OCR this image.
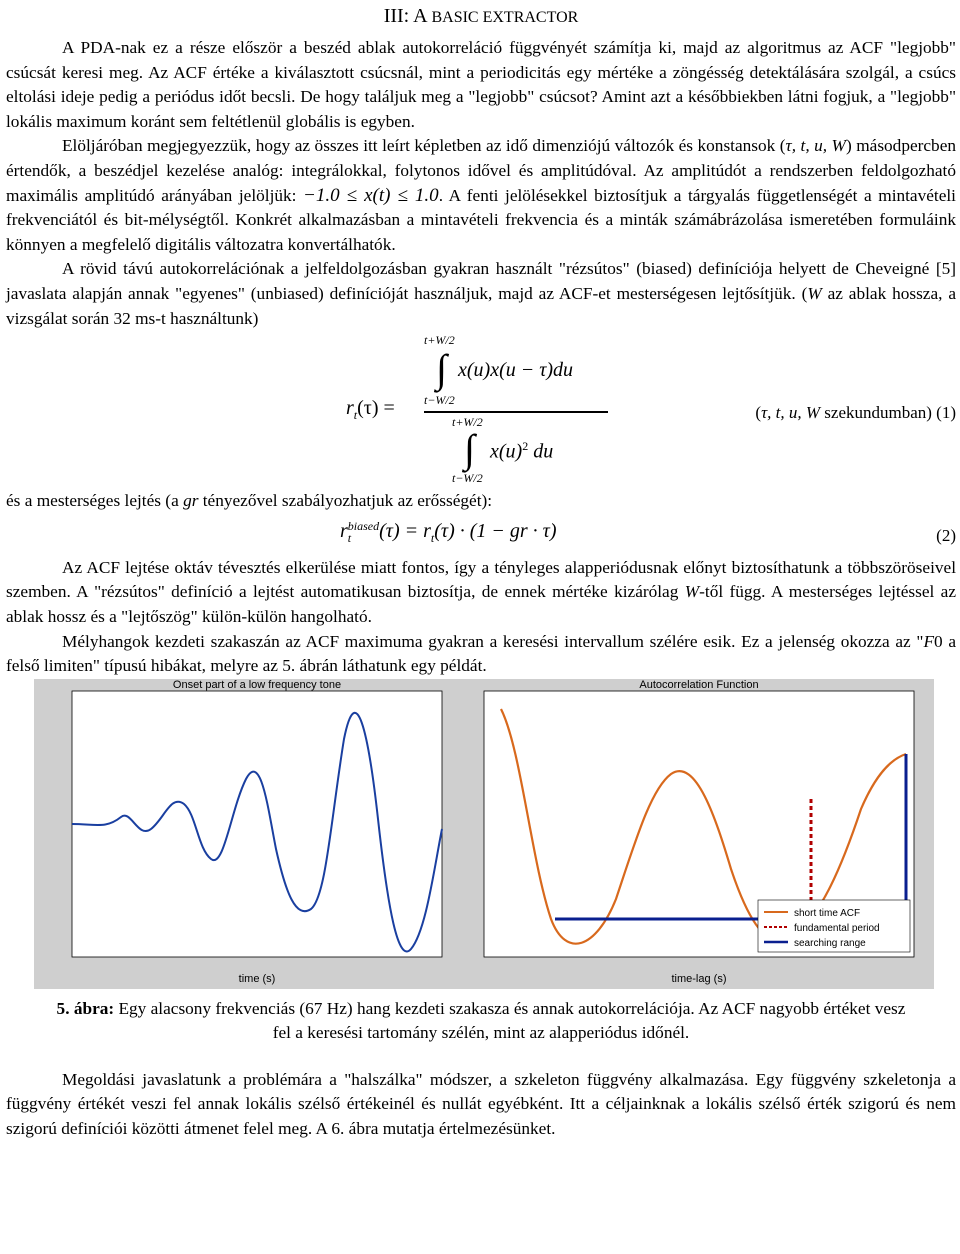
III: A BASIC EXTRACTOR

A PDA-nak ez a része először a beszéd ablak autokorreláció függvényét számítja ki, majd az algoritmus az ACF "legjobb" csúcsát keresi meg. Az ACF értéke a kiválasztott csúcsnál, mint a periodicitás egy mértéke a zöngésség detektálására szolgál, a csúcs eltolási ideje pedig a periódus időt becsli. De hogy találjuk meg a "legjobb" csúcsot? Amint azt a későbbiekben látni fogjuk, a "legjobb" lokális maximum koránt sem feltétlenül globális is egyben.

Elöljáróban megjegyezzük, hogy az összes itt leírt képletben az idő dimenziójú változók és konstansok (τ, t, u, W) másodpercben értendők, a beszédjel kezelése analóg: integrálokkal, folytonos idővel és amplitúdóval. Az amplitúdót a rendszerben feldolgozható maximális amplitúdó arányában jelöljük: −1.0 ≤ x(t) ≤ 1.0. A fenti jelölésekkel biztosítjuk a tárgyalás függetlenségét a mintavételi frekvenciától és bit-mélységtől. Konkrét alkalmazásban a mintavételi frekvencia és a minták számábrázolása ismeretében formuláink könnyen a megfelelő digitális változatra konvertálhatók.

A rövid távú autokorrelációnak a jelfeldolgozásban gyakran használt "rézsútos" (biased) definíciója helyett de Cheveigné [5] javaslata alapján annak "egyenes" (unbiased) definícióját használjuk, majd az ACF-et mesterségesen lejtősítjük. (W az ablak hossza, a vizsgálat során 32 ms-t használtunk)

t+W/2
∫ x(u)x(u − τ)du
t−W/2
t+W/2
∫ $x(u)^2$ du
t−W/2
$r_t(\tau)$ =	(τ, t, u, W szekundumban) (1)

és a mesterséges lejtés (a gr tényezővel szabályozhatjuk az erősségét):

r biased
t	$(\tau) = r_t(\tau) \cdot (1$ − gr · τ)	(2)

Az ACF lejtése oktáv tévesztés elkerülése miatt fontos, így a tényleges alapperiódusnak előnyt biztosíthatunk a többszöröseivel szemben. A "rézsútos" definíció a lejtést automatikusan biztosítja, de ennek mértéke kizárólag W-től függ. A mesterséges lejtéssel az ablak hossz és a "lejtőszög" külön-külön hangolható.

Mélyhangok kezdeti szakaszán az ACF maximuma gyakran a keresési intervallum szélére esik. Ez a jelenség okozza az "F0 a felső limiten" típusú hibákat, melyre az 5. ábrán láthatunk egy példát.

Onset part of a low frequency tone
time (s)
Autocorrelation Function
time-lag (s)
short time ACF
fundamental period
searching range
5. ábra: Egy alacsony frekvenciás (67 Hz) hang kezdeti szakasza és annak autokorrelációja. Az ACF nagyobb értéket vesz fel a keresési tartomány szélén, mint az alapperiódus időnél.

Megoldási javaslatunk a problémára a "halszálka" módszer, a szkeleton függvény alkalmazása. Egy függvény szkeletonja a függvény értékét veszi fel annak lokális szélső értékeinél és nullát egyébként. Itt a céljainknak a lokális szélső érték szigorú és nem szigorú definíciói közötti átmenet felel meg. A 6. ábra mutatja értelmezésünket.
